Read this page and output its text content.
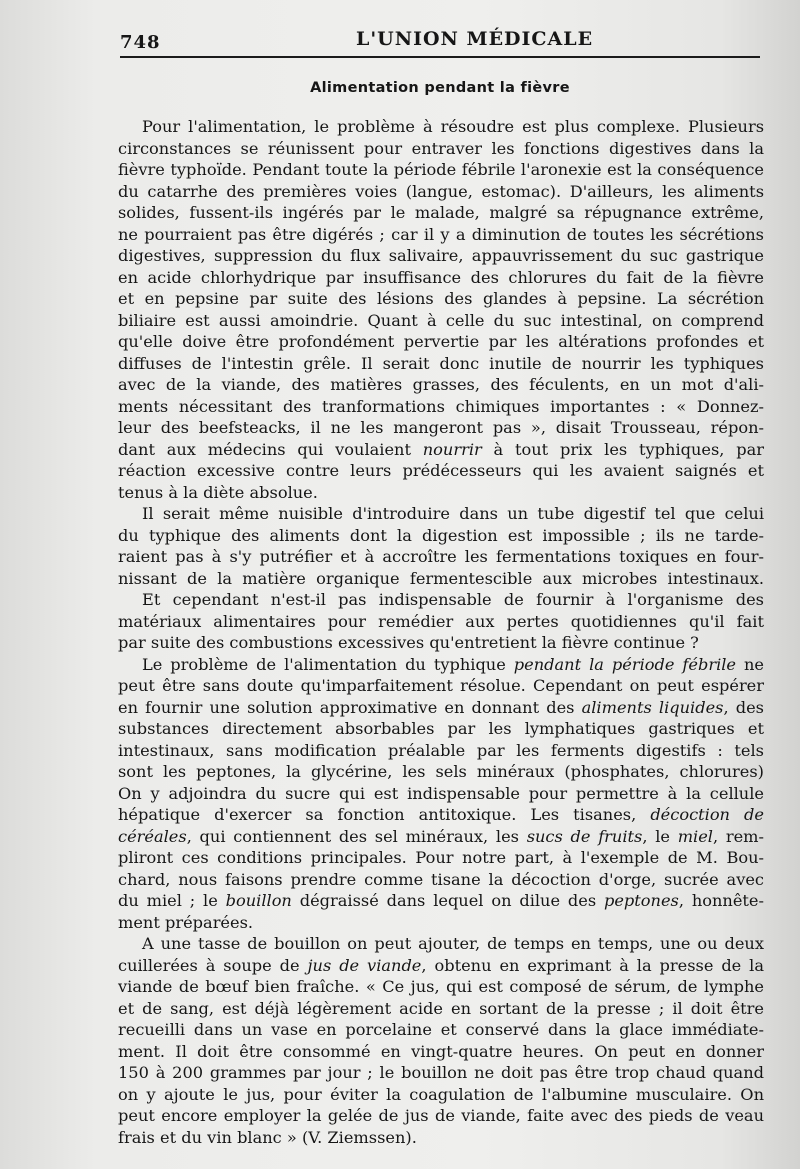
748	L'UNION MÉDICALE
Alimentation pendant la fièvre
Pour l'alimentation, le problème à résoudre est plus complexe. Plusieurs
circonstances se réunissent pour entraver les fonctions digestives dans la
fièvre typhoïde. Pendant toute la période fébrile l'aronexie est la conséquence
du catarrhe des premières voies (langue, estomac). D'ailleurs, les aliments
solides, fussent-ils ingérés par le malade, malgré sa répugnance extrême,
ne pourraient pas être digérés ; car il y a diminution de toutes les sécrétions
digestives, suppression du flux salivaire, appauvrissement du suc gastrique
en acide chlorhydrique par insuffisance des chlorures du fait de la fièvre
et en pepsine par suite des lésions des glandes à pepsine. La sécrétion
biliaire est aussi amoindrie. Quant à celle du suc intestinal, on comprend
qu'elle doive être profondément pervertie par les altérations profondes et
diffuses de l'intestin grêle. Il serait donc inutile de nourrir les typhiques
avec de la viande, des matières grasses, des féculents, en un mot d'ali-
ments nécessitant des tranformations chimiques importantes : « Donnez-
leur des beefsteacks, il ne les mangeront pas », disait Trousseau, répon-
dant aux médecins qui voulaient nourrir à tout prix les typhiques, par
réaction excessive contre leurs prédécesseurs qui les avaient saignés et
tenus à la diète absolue.
Il serait même nuisible d'introduire dans un tube digestif tel que celui
du typhique des aliments dont la digestion est impossible ; ils ne tarde-
raient pas à s'y putréfier et à accroître les fermentations toxiques en four-
nissant de la matière organique fermentescible aux microbes intestinaux.
Et cependant n'est-il pas indispensable de fournir à l'organisme des
matériaux alimentaires pour remédier aux pertes quotidiennes qu'il fait
par suite des combustions excessives qu'entretient la fièvre continue ?
Le problème de l'alimentation du typhique pendant la période fébrile ne
peut être sans doute qu'imparfaitement résolue. Cependant on peut espérer
en fournir une solution approximative en donnant des aliments liquides, des
substances directement absorbables par les lymphatiques gastriques et
intestinaux, sans modification préalable par les ferments digestifs : tels
sont les peptones, la glycérine, les sels minéraux (phosphates, chlorures)
On y adjoindra du sucre qui est indispensable pour permettre à la cellule
hépatique d'exercer sa fonction antitoxique. Les tisanes, décoction de
céréales, qui contiennent des sel minéraux, les sucs de fruits, le miel, rem-
pliront ces conditions principales. Pour notre part, à l'exemple de M. Bou-
chard, nous faisons prendre comme tisane la décoction d'orge, sucrée avec
du miel ; le bouillon dégraissé dans lequel on dilue des peptones, honnête-
ment préparées.
A une tasse de bouillon on peut ajouter, de temps en temps, une ou deux
cuillerées à soupe de jus de viande, obtenu en exprimant à la presse de la
viande de bœuf bien fraîche. « Ce jus, qui est composé de sérum, de lymphe
et de sang, est déjà légèrement acide en sortant de la presse ; il doit être
recueilli dans un vase en porcelaine et conservé dans la glace immédiate-
ment. Il doit être consommé en vingt-quatre heures. On peut en donner
150 à 200 grammes par jour ; le bouillon ne doit pas être trop chaud quand
on y ajoute le jus, pour éviter la coagulation de l'albumine musculaire. On
peut encore employer la gelée de jus de viande, faite avec des pieds de veau
frais et du vin blanc » (V. Ziemssen).
